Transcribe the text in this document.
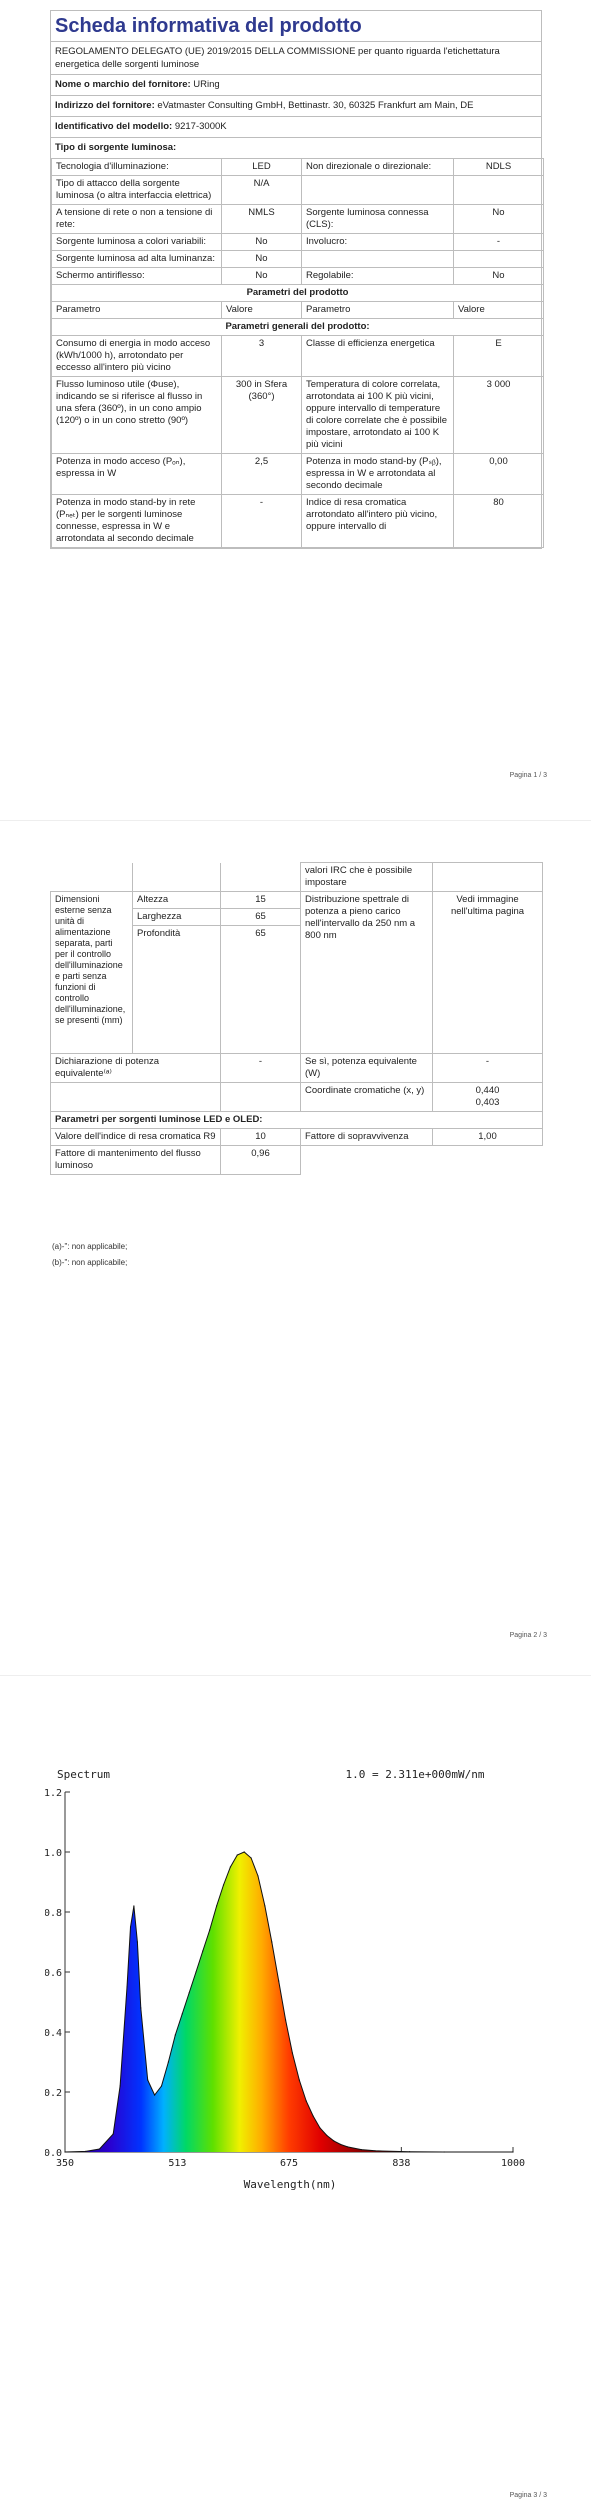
Scheda informativa del prodotto
REGOLAMENTO DELEGATO (UE) 2019/2015 DELLA COMMISSIONE per quanto riguarda l'etichettatura energetica delle sorgenti luminose
Nome o marchio del fornitore: URing
Indirizzo del fornitore: eVatmaster Consulting GmbH, Bettinastr. 30, 60325 Frankfurt am Main, DE
Identificativo del modello: 9217-3000K
Tipo di sorgente luminosa:
Tecnologia d'illuminazione:	LED	Non direzionale o direzionale:	NDLS
Tipo di attacco della sorgente luminosa (o altra interfaccia elettrica)	N/A		
A tensione di rete o non a tensione di rete:	NMLS	Sorgente luminosa connessa (CLS):	No
Sorgente luminosa a colori variabili:	No	Involucro:	-
Sorgente luminosa ad alta luminanza:	No		
Schermo antiriflesso:	No	Regolabile:	No
Parametri del prodotto			
Parametro	Valore	Parametro	Valore
Parametri generali del prodotto:			
Consumo di energia in modo acceso (kWh/1000 h), arrotondato per eccesso all'intero più vicino	3	Classe di efficienza energetica	E
Flusso luminoso utile (Φuse), indicando se si riferisce al flusso in una sfera (360º), in un cono ampio (120º) o in un cono stretto (90º)	300 in Sfera (360°)	Temperatura di colore correlata, arrotondata ai 100 K più vicini, oppure intervallo di temperature di colore correlate che è possibile impostare, arrotondato ai 100 K più vicini	3 000
Potenza in modo acceso (Pₒₙ), espressa in W	2,5	Potenza in modo stand-by (Pₛᵦ), espressa in W e arrotondata al secondo decimale	0,00
Potenza in modo stand-by in rete (Pₙₑₜ) per le sorgenti luminose connesse, espressa in W e arrotondata al secondo decimale	-	Indice di resa cromatica arrotondato all'intero più vicino, oppure intervallo di	80
Pagina 1 / 3
			valori IRC che è possibile impostare	
Dimensioni esterne senza unità di alimentazione separata, parti per il controllo dell'illuminazione e parti senza funzioni di controllo dell'illuminazione, se presenti (mm)	Altezza	15	Distribuzione spettrale di potenza a pieno carico nell'intervallo da 250 nm a 800 nm	Vedi immagine nell'ultima pagina
	Larghezza	65		
	Profondità	65		
Dichiarazione di potenza equivalente⁽ᵃ⁾		-	Se sì, potenza equivalente (W)	-
			Coordinate cromatiche (x, y)	0,440
0,403

Parametri per sorgenti luminose LED e OLED:				
Valore dell'indice di resa cromatica R9		10	Fattore di sopravvivenza	1,00
Fattore di mantenimento del flusso luminoso		0,96		
(a)-": non applicabile;
(b)-": non applicabile;
Pagina 2 / 3
Spectrum	1.0 = 2.311e+000mW/nm
Wavelength(nm)
0.0
0.2
0.4
0.6
0.8
1.0
1.2
350	513	675	838	1000
Pagina 3 / 3
